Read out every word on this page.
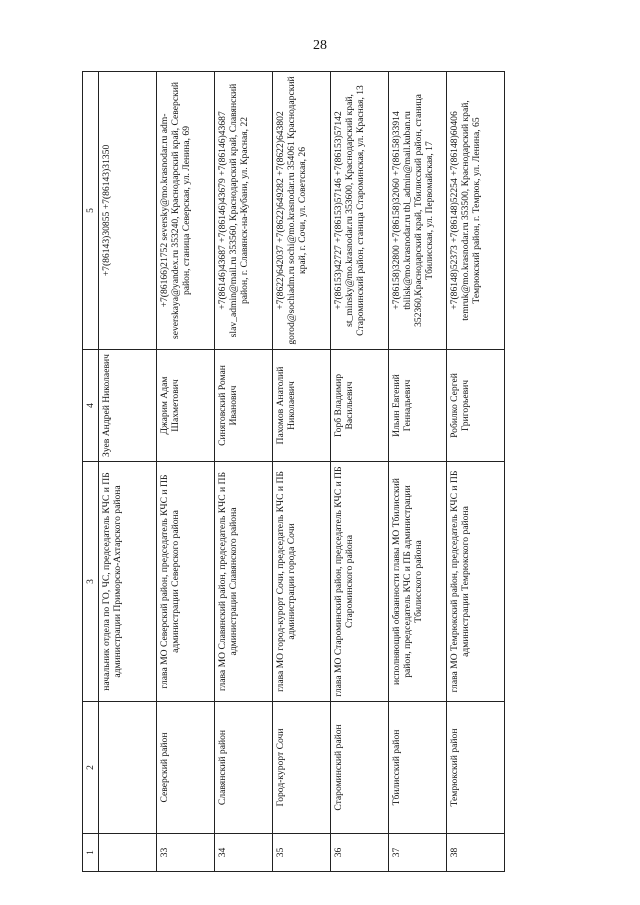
28
1	2	3	4	5
		начальник отдела по ГО, ЧС, председатель КЧС и ПБ администрации Приморско-Ахтарского района	Зуев Андрей Николаевич	+7(86143)30855 +7(86143)31350
33	Северский район	глава МО Северский район, председатель КЧС и ПБ администрации Северского района	Джарим Адам Шахметович	+7(86166)21752 seversky@mo.krasnodar.ru adm-severskaya@yandex.ru 353240, Краснодарский край, Северский район, станица Северская, ул. Ленина, 69
34	Славянский район	глава МО Славянский район, председатель КЧС и ПБ администрации Славянского района	Синяговский Роман Иванович	+7(86146)43687 +7(86146)43679 +7(86146)43687 slav_admin@mail.ru 353560, Краснодарский край, Славянский район, г. Славянск-на-Кубани, ул. Красная, 22
35	Город-курорт Сочи	глава МО город-курорт Сочи, председатель КЧС и ПБ администрации города Сочи	Пахомов Анатолий Николаевич	+7(8622)642037 +7(8622)649282 +7(8622)643802 gorod@sochiadm.ru sochi@mo.krasnodar.ru 354061 Краснодарский край, г. Сочи, ул. Советская, 26
36	Староминский район	глава МО Староминский район, председатель КЧС и ПБ Староминского района	Горб Владимир Васильевич	+7(86153)42727 +7(86153)57146 +7(86153)57142 st_minsky@mo.krasnodar.ru 353600, Краснодарский край, Староминский район, станица Староминская, ул. Красная, 13
37	Тбилисский район	исполняющий обязанности главы МО Тбилисский район, председатель КЧС и ПБ администрации Тбилисского района	Ильин Евгений Геннадьевич	+7(86158)32800 +7(86158)32060 +7(86158)33914 tbilisk@mo.krasnodar.ru tbl_admin@mail.kuban.ru 352360,Краснодарский край, Тбилисский район, станица Тбилисская, ул. Первомайская, 17
38	Темрюкский район	глава МО Темрюкский район, председатель КЧС и ПБ администрации Темрюкского района	Робилко Сергей Григорьевич	+7(86148)52373 +7(86148)52254 +7(86148)60406 temruk@mo.krasnodar.ru 353500, Краснодарский край, Темрюкский район, г. Темрюк, ул. Ленина, 65
